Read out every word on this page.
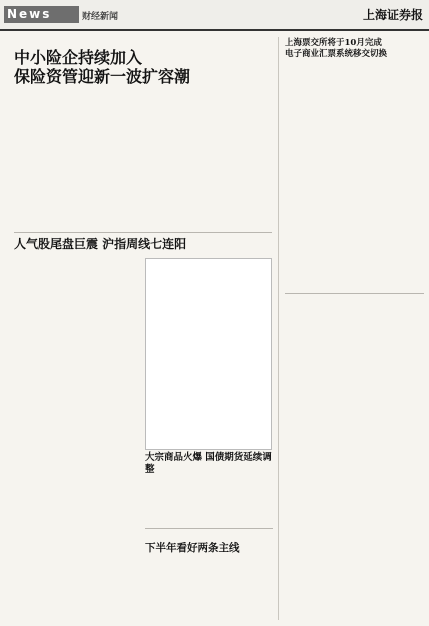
News	财经新闻	上海证券报
中小险企持续加入
保险资管迎新一波扩容潮
人气股尾盘巨震 沪指周线七连阳
大宗商品火爆 国债期货延续调整
下半年看好两条主线
上海票交所将于10月完成
电子商业汇票系统移交切换
